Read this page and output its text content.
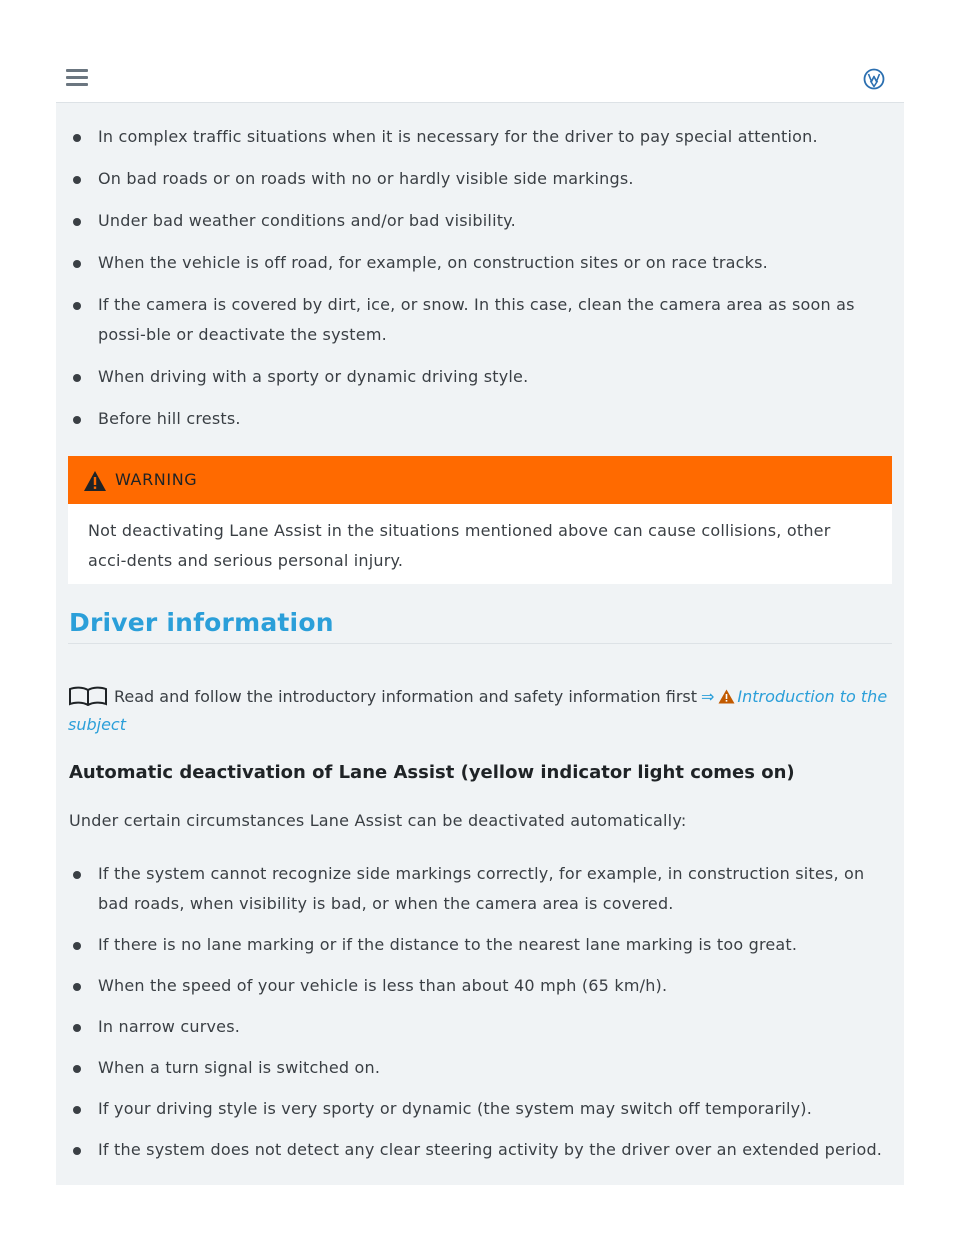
In complex traffic situations when it is necessary for the driver to pay special attention.
On bad roads or on roads with no or hardly visible side markings.
Under bad weather conditions and/or bad visibility.
When the vehicle is off road, for example, on construction sites or on race tracks.
If the camera is covered by dirt, ice, or snow. In this case, clean the camera area as soon as possi-ble or deactivate the system.
When driving with a sporty or dynamic driving style.
Before hill crests.
WARNING
Not deactivating Lane Assist in the situations mentioned above can cause collisions, other acci-dents and serious personal injury.
Driver information
Read and follow the introductory information and safety information first ⇒ Introduction to the subject
Automatic deactivation of Lane Assist (yellow indicator light comes on)
Under certain circumstances Lane Assist can be deactivated automatically:
If the system cannot recognize side markings correctly, for example, in construction sites, on bad roads, when visibility is bad, or when the camera area is covered.
If there is no lane marking or if the distance to the nearest lane marking is too great.
When the speed of your vehicle is less than about 40 mph (65 km/h).
In narrow curves.
When a turn signal is switched on.
If your driving style is very sporty or dynamic (the system may switch off temporarily).
If the system does not detect any clear steering activity by the driver over an extended period.
